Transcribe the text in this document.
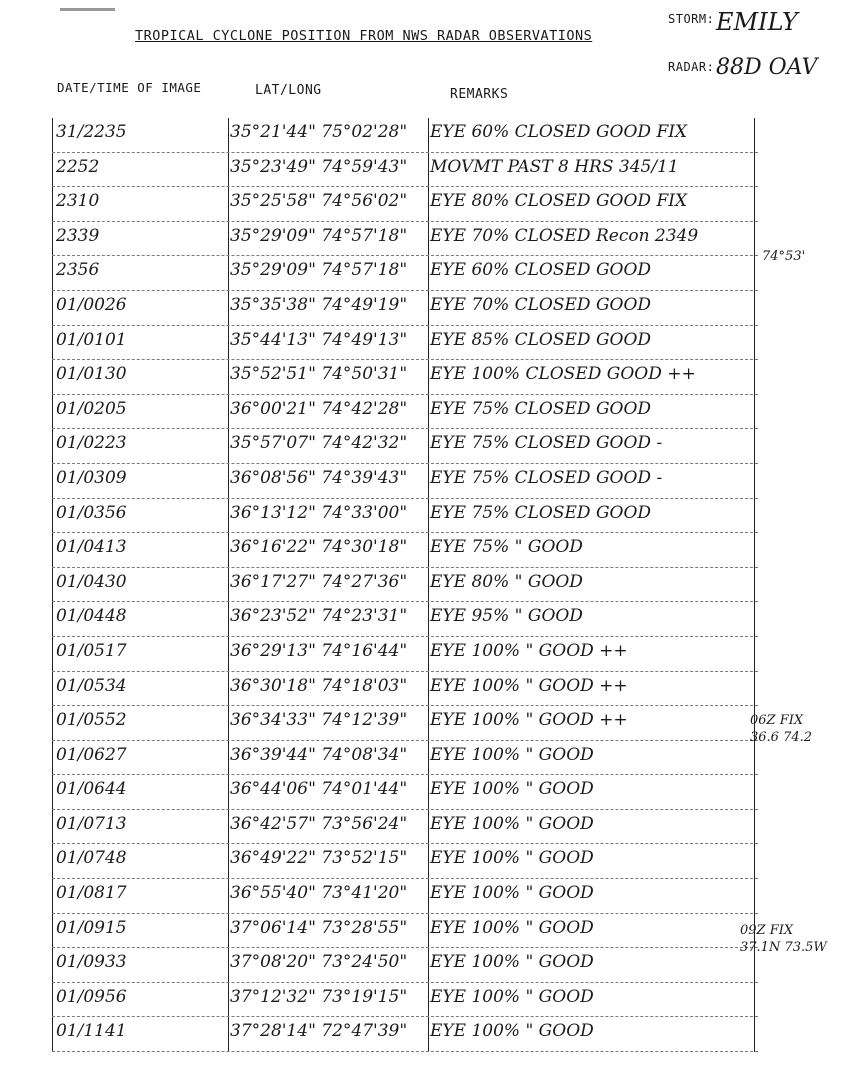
TROPICAL CYCLONE POSITION FROM NWS RADAR OBSERVATIONS
STORM: EMILY
RADAR: 88D OAV
DATE/TIME OF IMAGE	LAT/LONG	REMARKS
31/2235	35°21'44" 75°02'28"	EYE 60% CLOSED GOOD FIX
2252	35°23'49" 74°59'43"	MOVMT PAST 8 HRS 345/11
2310	35°25'58" 74°56'02"	EYE 80% CLOSED GOOD FIX
2339	35°29'09" 74°57'18"	EYE 70% CLOSED Recon 2349
2356	35°29'09" 74°57'18"	EYE 60% CLOSED GOOD
01/0026	35°35'38" 74°49'19"	EYE 70% CLOSED GOOD
01/0101	35°44'13" 74°49'13"	EYE 85% CLOSED GOOD
01/0130	35°52'51" 74°50'31"	EYE 100% CLOSED GOOD ++
01/0205	36°00'21" 74°42'28"	EYE 75% CLOSED GOOD
01/0223	35°57'07" 74°42'32"	EYE 75% CLOSED GOOD -
01/0309	36°08'56" 74°39'43"	EYE 75% CLOSED GOOD -
01/0356	36°13'12" 74°33'00"	EYE 75% CLOSED GOOD
01/0413	36°16'22" 74°30'18"	EYE 75% " GOOD
01/0430	36°17'27" 74°27'36"	EYE 80% " GOOD
01/0448	36°23'52" 74°23'31"	EYE 95% " GOOD
01/0517	36°29'13" 74°16'44"	EYE 100% " GOOD ++
01/0534	36°30'18" 74°18'03"	EYE 100% " GOOD ++
01/0552	36°34'33" 74°12'39"	EYE 100% " GOOD ++
01/0627	36°39'44" 74°08'34"	EYE 100% " GOOD
01/0644	36°44'06" 74°01'44"	EYE 100% " GOOD
01/0713	36°42'57" 73°56'24"	EYE 100% " GOOD
01/0748	36°49'22" 73°52'15"	EYE 100% " GOOD
01/0817	36°55'40" 73°41'20"	EYE 100% " GOOD
01/0915	37°06'14" 73°28'55"	EYE 100% " GOOD
01/0933	37°08'20" 73°24'50"	EYE 100% " GOOD
01/0956	37°12'32" 73°19'15"	EYE 100% " GOOD
01/1141	37°28'14" 72°47'39"	EYE 100% " GOOD
74°53'
06Z FIX
36.6 74.2
09Z FIX
37.1N 73.5W
